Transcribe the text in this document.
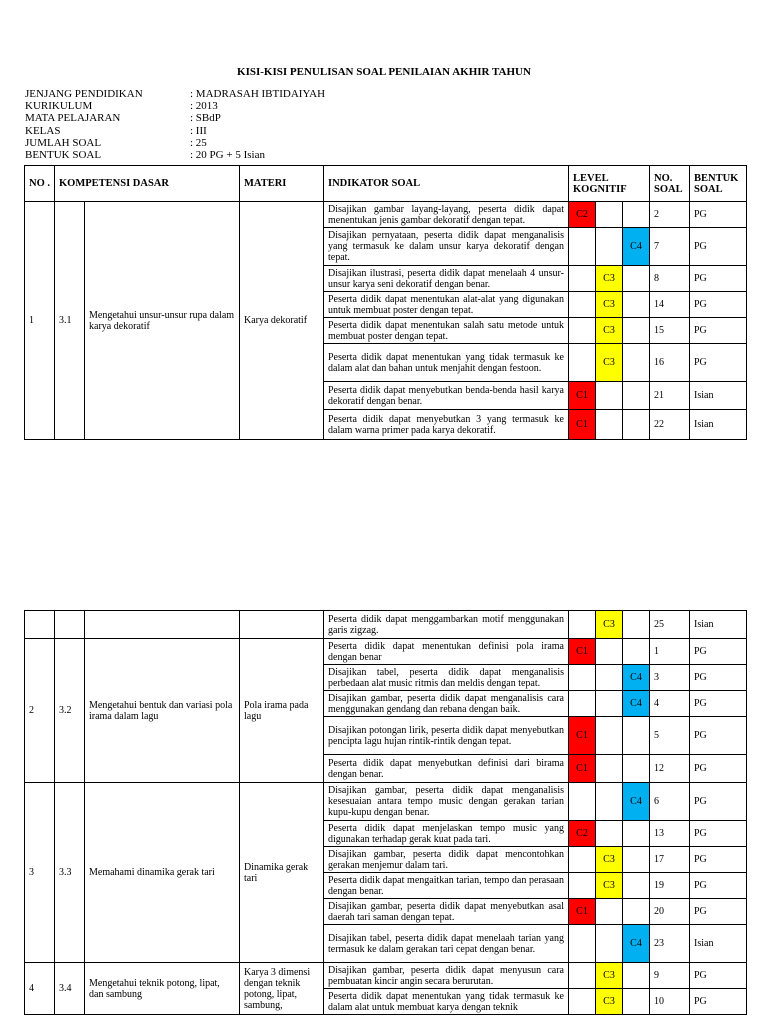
KISI-KISI PENULISAN SOAL PENILAIAN AKHIR TAHUN
JENJANG PENDIDIKAN	: MADRASAH IBTIDAIYAH
KURIKULUM	: 2013
MATA PELAJARAN	: SBdP
KELAS	: III
JUMLAH SOAL	: 25
BENTUK SOAL	: 20 PG + 5 Isian
NO .	KOMPETENSI DASAR		MATERI	INDIKATOR SOAL	LEVEL KOGNITIF			NO. SOAL	BENTUK SOAL
1	3.1	Mengetahui unsur-unsur rupa dalam karya dekoratif	Karya dekoratif	Disajikan gambar layang-layang, peserta didik dapat menentukan jenis gambar dekoratif dengan tepat.	C2			2	PG
				Disajikan pernyataan, peserta didik dapat menganalisis yang termasuk ke dalam unsur karya dekoratif dengan tepat.			C4	7	PG
				Disajikan ilustrasi, peserta didik dapat menelaah 4 unsur-unsur karya seni dekoratif dengan benar.		C3		8	PG
				Peserta didik dapat menentukan alat-alat yang digunakan untuk membuat poster dengan tepat.		C3		14	PG
				Peserta didik dapat menentukan salah satu metode untuk membuat poster dengan tepat.		C3		15	PG
				Peserta didik dapat menentukan yang tidak termasuk ke dalam alat dan bahan untuk menjahit dengan festoon.		C3		16	PG
				Peserta didik dapat menyebutkan benda-benda hasil karya dekoratif dengan benar.	C1			21	Isian
				Peserta didik dapat menyebutkan 3 yang termasuk ke dalam warna primer pada karya dekoratif.	C1			22	Isian
				Peserta didik dapat menggambarkan motif menggunakan garis zigzag.		C3		25	Isian
2	3.2	Mengetahui bentuk dan variasi pola irama dalam lagu	Pola irama pada lagu	Peserta didik dapat menentukan definisi pola irama dengan benar	C1			1	PG
				Disajikan tabel, peserta didik dapat menganalisis perbedaan alat music ritmis dan meldis dengan tepat.			C4	3	PG
				Disajikan gambar, peserta didik dapat menganalisis cara menggunakan gendang dan rebana dengan baik.			C4	4	PG
				Disajikan potongan lirik, peserta didik dapat menyebutkan pencipta lagu hujan rintik-rintik dengan tepat.	C1			5	PG
				Peserta didik dapat menyebutkan definisi dari birama dengan benar.	C1			12	PG
3	3.3	Memahami dinamika gerak tari	Dinamika gerak tari	Disajikan gambar, peserta didik dapat menganalisis kesesuaian antara tempo music dengan gerakan tarian kupu-kupu dengan benar.			C4	6	PG
				Peserta didik dapat menjelaskan tempo music yang digunakan terhadap gerak kuat pada tari.	C2			13	PG
				Disajikan gambar, peserta didik dapat mencontohkan gerakan menjemur dalam tari.		C3		17	PG
				Peserta didik dapat mengaitkan tarian, tempo dan perasaan dengan benar.		C3		19	PG
				Disajikan gambar, peserta didik dapat menyebutkan asal daerah tari saman dengan tepat.	C1			20	PG
				Disajikan tabel, peserta didik dapat menelaah tarian yang termasuk ke dalam gerakan tari cepat dengan benar.			C4	23	Isian
4	3.4	Mengetahui teknik potong, lipat, dan sambung	Karya 3 dimensi dengan teknik potong, lipat, sambung,	Disajikan gambar, peserta didik dapat menyusun cara pembuatan kincir angin secara berurutan.		C3		9	PG
				Peserta didik dapat menentukan yang tidak termasuk ke dalam alat untuk membuat karya dengan teknik		C3		10	PG
